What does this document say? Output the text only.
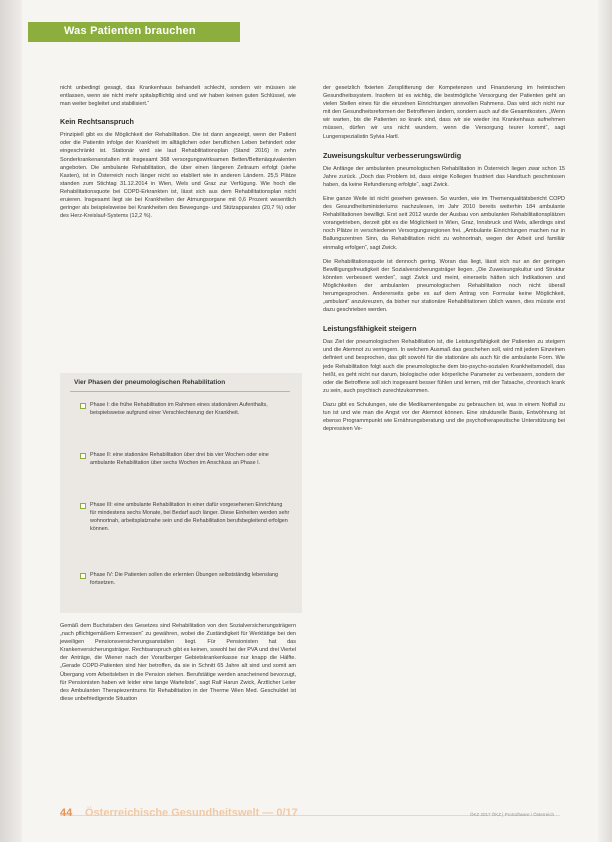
Was Patienten brauchen

nicht unbedingt gesagt, das Krankenhaus behandelt schlecht, sondern wir müssen sie entlassen, wenn sie nicht mehr spitalspflichtig sind und wir haben keinen guten Schlüssel, wie man weiter begleitet und stabilisiert.“

Kein Rechtsanspruch

Prinzipiell gibt es die Möglichkeit der Rehabilitation. Die ist dann angezeigt, wenn der Patient oder die Patientin infolge der Krankheit im alltäglichen oder beruflichen Leben behindert oder eingeschränkt ist. Stationär wird sie laut Rehabilitationsplan (Stand 2016) in zehn Sonderkrankenanstalten mit insgesamt 368 versorgungswirksamen Betten/Bettenäquivalenten angeboten. Die ambulante Rehabilitation, die über einen längeren Zeitraum erfolgt (siehe Kasten), ist in Österreich noch länger nicht so etabliert wie in anderen Ländern. 25,5 Plätze standen zum Stichtag 31.12.2014 in Wien, Wels und Graz zur Verfügung. Wie hoch die Rehabilitationsquote bei COPD-Erkrankten ist, lässt sich aus dem Rehabilitationsplan nicht eruieren. Insgesamt liegt sie bei Krankheiten der Atmungsorgane mit 0,6 Prozent wesentlich geringer als beispielsweise bei Krankheiten des Bewegungs- und Stützapparates (20,7 %) oder des Herz-Kreislauf-Systems (12,2 %).

Vier Phasen der pneumologischen Rehabilitation
Phase I: die frühe Rehabilitation im Rahmen eines stationären Aufenthalts, beispielsweise aufgrund einer Verschlechterung der Krankheit.
Phase II: eine stationäre Rehabilitation über drei bis vier Wochen oder eine ambulante Rehabilitation über sechs Wochen im Anschluss an Phase I.
Phase III: eine ambulante Rehabilitation in einer dafür vorgesehenen Einrichtung für mindestens sechs Monate, bei Bedarf auch länger. Diese Einheiten werden sehr wohnortnah, arbeitsplatznahe sein und die Rehabilitation berufsbegleitend erfolgen können.
Phase IV: Die Patienten sollen die erlernten Übungen selbstständig lebenslang fortsetzen.

Gemäß dem Buchstaben des Gesetzes sind Rehabilitation von den Sozialversicherungsträgern „nach pflichtgemäßem Ermessen“ zu gewähren, wobei die Zuständigkeit für Werktätige bei den jeweiligen Pensionsversicherungsanstalten liegt. Für Pensionisten hat das Krankenversicherungsträger. Rechtsanspruch gibt es keinen, sowohl bei der PVA und drei Viertel der Anträge, die Wiener nach der Vorarlberger Gebietskrankenkasse nur knapp die Hälfte. „Gerade COPD-Patienten sind hier betroffen, da sie in Schnitt 65 Jahre alt sind und somit am Übergang vom Arbeitsleben in die Pension stehen. Berufstätige werden anscheinend bevorzugt, für Pensionisten haben wir leider eine lange Warteliste“, sagt Ralf Harun Zwick, Ärztlicher Leiter des Ambulanten Therapiezentrums für Rehabilitation in der Therme Wien Med. Geschuldet ist diese unbefriedigende Situation

der gesetzlich fixierten Zersplitterung der Kompetenzen und Finanzierung im heimischen Gesundheitssystem. Insofern ist es wichtig, die bestmögliche Versorgung der Patienten geht an vielen Stellen eines für die einzelnen Einrichtungen sinnvollen Rahmens. Das wird sich nicht nur mit den Gesundheitsreformen der Betroffenen ändern, sondern auch auf die Gesamtkosten. „Wenn wir warten, bis die Patienten so krank sind, dass wir sie wieder ins Krankenhaus aufnehmen müssen, dürfen wir uns nicht wundern, wenn die Versorgung teurer kommt“, sagt Lungenspezialistin Sylvia Hartl.

Zuweisungskultur verbesserungswürdig

Die Anfänge der ambulanten pneumologischen Rehabilitation in Österreich liegen zwar schon 15 Jahre zurück. „Doch das Problem ist, dass einige Kollegen frustriert das Handtuch geschmissen haben, da keine Refundierung erfolgte“, sagt Zwick.

Eine ganze Weile ist nicht gesehen gewesen. So wurden, wie im Themenqualitätsbericht COPD des Gesundheitsministeriums nachzulesen, im Jahr 2010 bereits weiterhin 184 ambulante Rehabilitationen bewilligt. Erst seit 2012 wurde der Ausbau von ambulanten Rehabilitationsplätzen vorangetrieben, derzeit gibt es die Möglichkeit in Wien, Graz, Innsbruck und Wels, allerdings sind noch Plätze in verschiedenen Versorgungsregionen frei. „Ambulante Einrichtungen machen nur in Ballungszentren Sinn, da Rehabilitation nicht zu wohnortnah, wegen der Arbeit und familiär einmalig erfolgen“, sagt Zwick.

Die Rehabilitationsquote ist dennoch gering. Woran das liegt, lässt sich nur an der geringen Bewilligungsfreudigkeit der Sozialversicherungsträger liegen. „Die Zuweisungskultur und Struktur könnten verbessert werden“, sagt Zwick und meint, einerseits hätten sich Indikationen und Möglichkeiten der ambulanten pneumologischen Rehabilitation noch nicht überall herumgesprochen. Andererseits gebe es auf dem Antrag von Formular keine Möglichkeit, „ambulant“ anzukreuzen, da bisher nur stationäre Rehabilitationen üblich waren, dies müsste erst dazu geschrieben werden.

Leistungsfähigkeit steigern

Das Ziel der pneumologischen Rehabilitation ist, die Leistungsfähigkeit der Patienten zu steigern und die Atemnot zu verringern. In welchem Ausmaß das geschehen soll, wird mit jedem Einzelnen definiert und besprochen, das gilt sowohl für die stationäre als auch für die ambulante Form. Wie jede Rehabilitation folgt auch die pneumologische dem bio-psycho-sozialen Krankheitsmodell, das heißt, es geht nicht nur darum, biologische oder körperliche Parameter zu verbessern, sondern der oder die Betroffene soll sich insgesamt besser fühlen und lernen, mit der Tatsache, chronisch krank zu sein, auch psychisch zurechtzukommen.

Dazu gibt es Schulungen, wie die Medikamentengabe zu gebrauchen ist, was in einem Notfall zu tun ist und wie man die Angst vor der Atemnot können. Eine strukturelle Basis, Entwöhnung ist ebenso Programmpunkt wie Ernährungsberatung und die psychotherapeutische Unterstützung bei depressiven Ve-

44 Österreichische Gesundheitswelt — 0/17	ÖKZ 2017 ÖKZ | ProSoftware / Österreich
